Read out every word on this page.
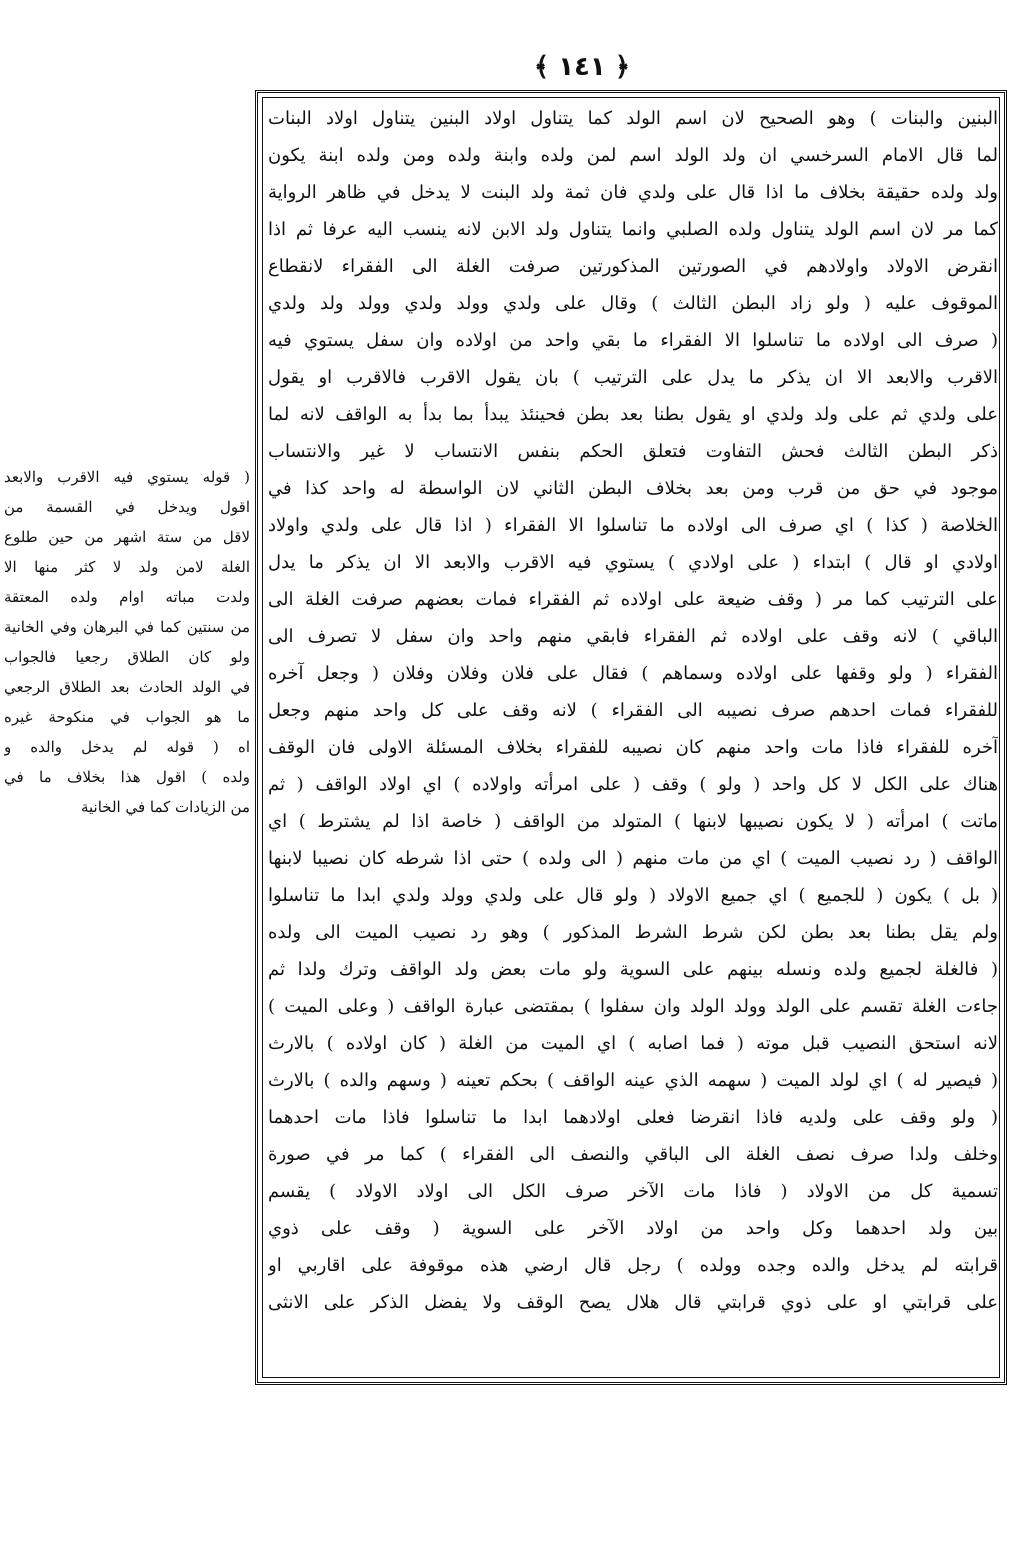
﴿ ١٤١ ﴾
البنين والبنات ) وهو الصحيح لان اسم الولد كما يتناول اولاد البنين يتناول اولاد البنات
لما قال الامام السرخسي ان ولد الولد اسم لمن ولده وابنة ولده ومن ولده ابنة يكون
ولد ولده حقيقة بخلاف ما اذا قال على ولدي فان ثمة ولد البنت لا يدخل في ظاهر الرواية
كما مر لان اسم الولد يتناول ولده الصلبي وانما يتناول ولد الابن لانه ينسب اليه عرفا ثم اذا
انقرض الاولاد واولادهم في الصورتين المذكورتين صرفت الغلة الى الفقراء لانقطاع
الموقوف عليه ( ولو زاد البطن الثالث ) وقال على ولدي وولد ولدي وولد ولد ولدي
( صرف الى اولاده ما تناسلوا الا الفقراء ما بقي واحد من اولاده وان سفل يستوي فيه
الاقرب والابعد الا ان يذكر ما يدل على الترتيب ) بان يقول الاقرب فالاقرب او يقول
على ولدي ثم على ولد ولدي او يقول بطنا بعد بطن فحينئذ يبدأ بما بدأ به الواقف لانه لما
ذكر البطن الثالث فحش التفاوت فتعلق الحكم بنفس الانتساب لا غير والانتساب
موجود في حق من قرب ومن بعد بخلاف البطن الثاني لان الواسطة له واحد كذا في
الخلاصة ( كذا ) اي صرف الى اولاده ما تناسلوا الا الفقراء ( اذا قال على ولدي واولاد
اولادي او قال ) ابتداء ( على اولادي ) يستوي فيه الاقرب والابعد الا ان يذكر ما يدل
على الترتيب كما مر ( وقف ضيعة على اولاده ثم الفقراء فمات بعضهم صرفت الغلة الى
الباقي ) لانه وقف على اولاده ثم الفقراء فابقي منهم واحد وان سفل لا تصرف الى
الفقراء ( ولو وقفها على اولاده وسماهم ) فقال على فلان وفلان وفلان ( وجعل آخره
للفقراء فمات احدهم صرف نصيبه الى الفقراء ) لانه وقف على كل واحد منهم وجعل
آخره للفقراء فاذا مات واحد منهم كان نصيبه للفقراء بخلاف المسئلة الاولى فان الوقف
هناك على الكل لا كل واحد ( ولو ) وقف ( على امرأته واولاده ) اي اولاد الواقف ( ثم
ماتت ) امرأته ( لا يكون نصيبها لابنها ) المتولد من الواقف ( خاصة اذا لم يشترط ) اي
الواقف ( رد نصيب الميت ) اي من مات منهم ( الى ولده ) حتى اذا شرطه كان نصيبا لابنها
( بل ) يكون ( للجميع ) اي جميع الاولاد ( ولو قال على ولدي وولد ولدي ابدا ما تناسلوا
ولم يقل بطنا بعد بطن لكن شرط الشرط المذكور ) وهو رد نصيب الميت الى ولده
( فالغلة لجميع ولده ونسله بينهم على السوية ولو مات بعض ولد الواقف وترك ولدا ثم
جاءت الغلة تقسم على الولد وولد الولد وان سفلوا ) بمقتضى عبارة الواقف ( وعلى الميت )
لانه استحق النصيب قبل موته ( فما اصابه ) اي الميت من الغلة ( كان اولاده ) بالارث
( فيصير له ) اي لولد الميت ( سهمه الذي عينه الواقف ) بحكم تعينه ( وسهم والده ) بالارث
( ولو وقف على ولديه فاذا انقرضا فعلى اولادهما ابدا ما تناسلوا فاذا مات احدهما
وخلف ولدا صرف نصف الغلة الى الباقي والنصف الى الفقراء ) كما مر في صورة
تسمية كل من الاولاد ( فاذا مات الآخر صرف الكل الى اولاد الاولاد ) يقسم
بين ولد احدهما وكل واحد من اولاد الآخر على السوية ( وقف على ذوي
قرابته لم يدخل والده وجده وولده ) رجل قال ارضي هذه موقوفة على اقاربي او
على قرابتي او على ذوي قرابتي قال هلال يصح الوقف ولا يفضل الذكر على الانثى
( قوله يستوي فيه الاقرب والابعد
اقول ويدخل في القسمة من
لاقل من ستة اشهر من حين طلوع
الغلة لامن ولد لا كثر منها الا
ولدت مباته اوام ولده المعتقة
من سنتين كما في البرهان وفي الخانية
ولو كان الطلاق رجعيا فالجواب
في الولد الحادث بعد الطلاق الرجعي
ما هو الجواب في منكوحة غيره
اه ( قوله لم يدخل والده و
ولده ) اقول هذا بخلاف ما في
من الزيادات كما في الخانية
